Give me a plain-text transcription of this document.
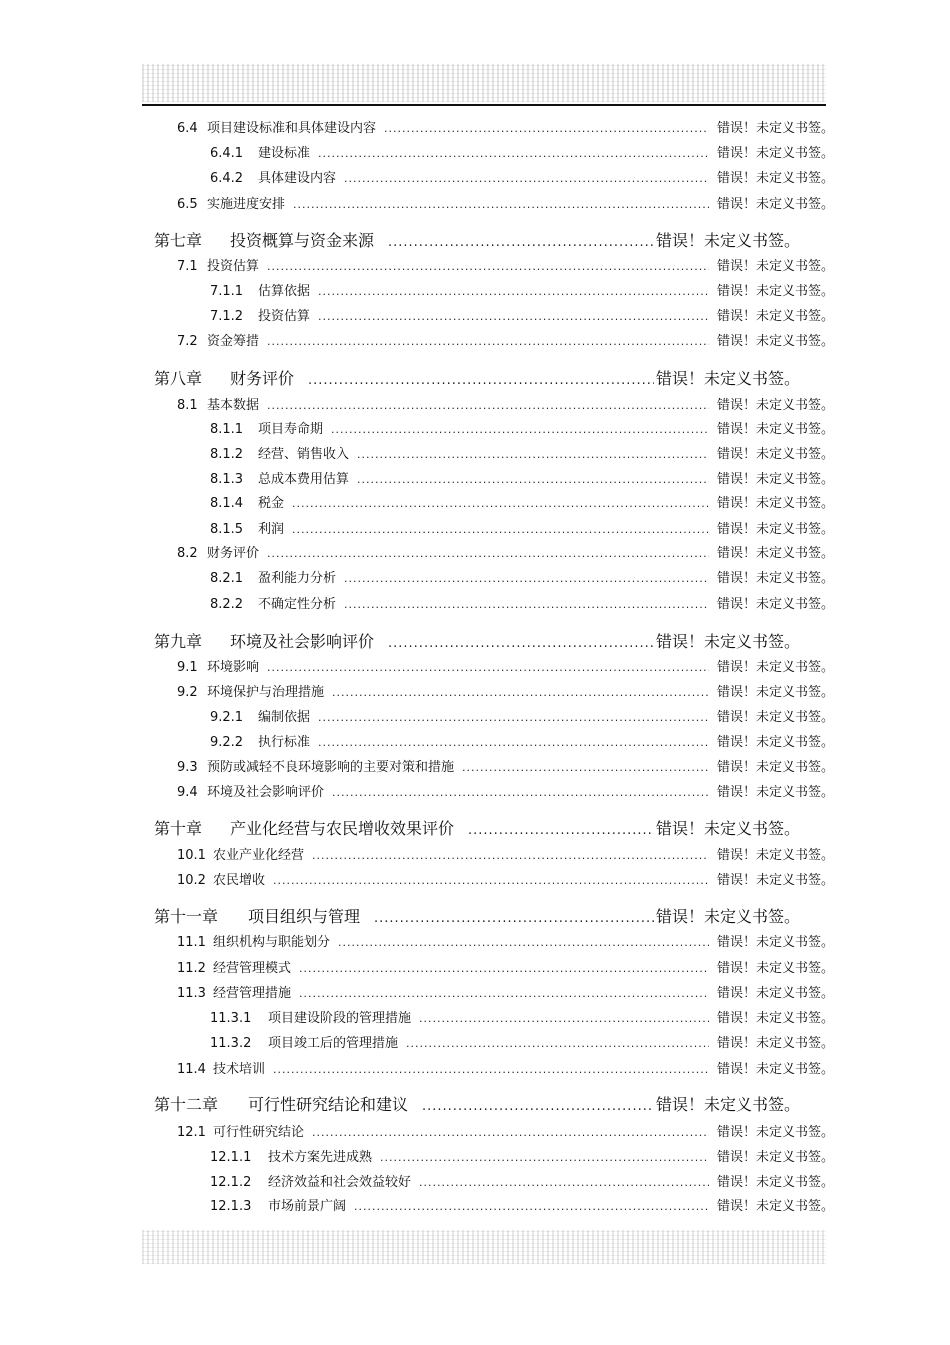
6.4 项目建设标准和具体建设内容 .....	错误！未定义书签。
6.4.1 建设标准 .....	错误！未定义书签。
6.4.2 具体建设内容 .....	错误！未定义书签。
6.5 实施进度安排 .....	错误！未定义书签。
第七章	投资概算与资金来源 .....	错误！未定义书签。
7.1 投资估算 .....	错误！未定义书签。
7.1.1 估算依据 .....	错误！未定义书签。
7.1.2 投资估算 .....	错误！未定义书签。
7.2 资金筹措 .....	错误！未定义书签。
第八章	财务评价 .....	错误！未定义书签。
8.1 基本数据 .....	错误！未定义书签。
8.1.1 项目寿命期 .....	错误！未定义书签。
8.1.2 经营、销售收入 .....	错误！未定义书签。
8.1.3 总成本费用估算 .....	错误！未定义书签。
8.1.4 税金 .....	错误！未定义书签。
8.1.5 利润 .....	错误！未定义书签。
8.2 财务评价 .....	错误！未定义书签。
8.2.1 盈利能力分析 .....	错误！未定义书签。
8.2.2 不确定性分析 .....	错误！未定义书签。
第九章	环境及社会影响评价 .....	错误！未定义书签。
9.1 环境影响 .....	错误！未定义书签。
9.2 环境保护与治理措施 .....	错误！未定义书签。
9.2.1 编制依据 .....	错误！未定义书签。
9.2.2 执行标准 .....	错误！未定义书签。
9.3 预防或减轻不良环境影响的主要对策和措施 .....	错误！未定义书签。
9.4 环境及社会影响评价 .....	错误！未定义书签。
第十章	产业化经营与农民增收效果评价 .....	错误！未定义书签。
10.1 农业产业化经营 .....	错误！未定义书签。
10.2 农民增收 .....	错误！未定义书签。
第十一章	项目组织与管理 .....	错误！未定义书签。
11.1 组织机构与职能划分 .....	错误！未定义书签。
11.2 经营管理模式 .....	错误！未定义书签。
11.3 经营管理措施 .....	错误！未定义书签。
11.3.1 项目建设阶段的管理措施 .....	错误！未定义书签。
11.3.2 项目竣工后的管理措施 .....	错误！未定义书签。
11.4 技术培训 .....	错误！未定义书签。
第十二章	可行性研究结论和建议 .....	错误！未定义书签。
12.1 可行性研究结论 .....	错误！未定义书签。
12.1.1 技术方案先进成熟 .....	错误！未定义书签。
12.1.2 经济效益和社会效益较好 .....	错误！未定义书签。
12.1.3 市场前景广阔 .....	错误！未定义书签。
